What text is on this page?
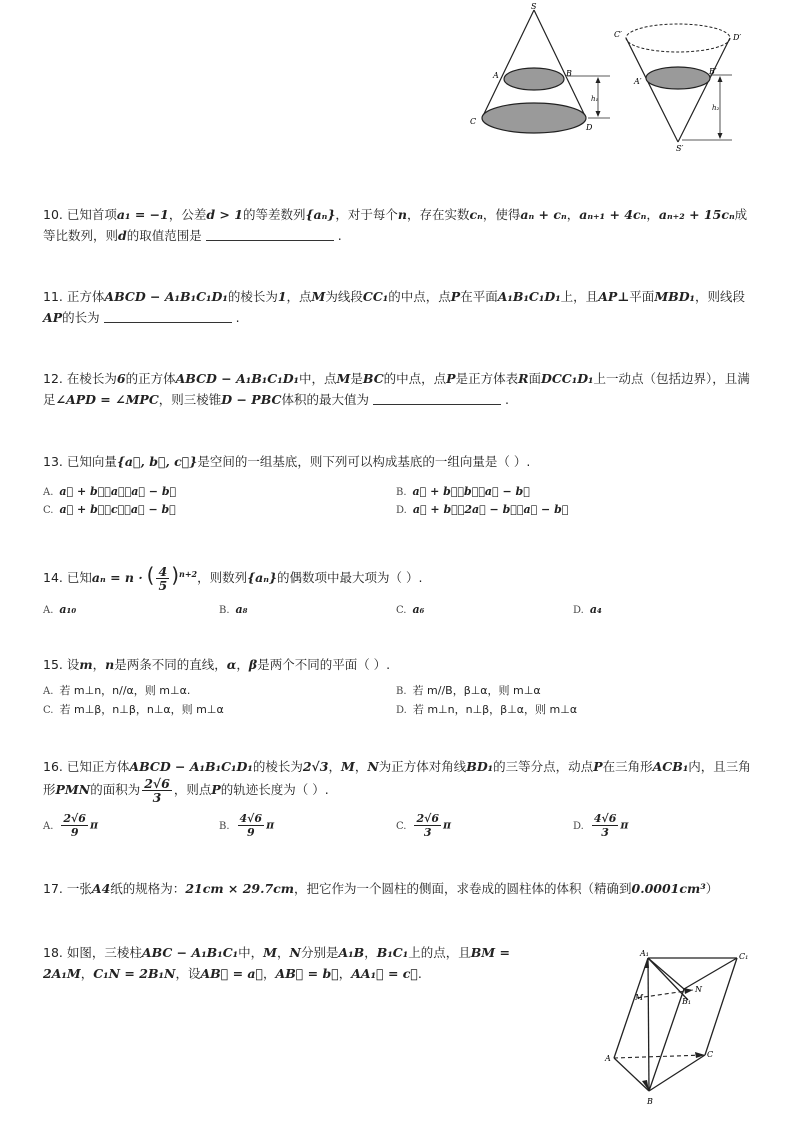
S
A	B
C
D
h₁
C′	D′
A′
B′
S′
h₂
10. 已知首项a₁ = −1，公差d > 1的等差数列{aₙ}，对于每个n，存在实数cₙ，使得aₙ + cₙ，aₙ₊₁ + 4cₙ，aₙ₊₂ + 15cₙ成等比数列，则d的取值范围是	.
11. 正方体ABCD − A₁B₁C₁D₁的棱长为1，点M为线段CC₁的中点，点P在平面A₁B₁C₁D₁上，且AP⊥平面MBD₁，则线段AP的长为	.
12. 在棱长为6的正方体ABCD − A₁B₁C₁D₁中，点M是BC的中点，点P是正方体表R面DCC₁D₁上一动点（包括边界），且满足∠APD = ∠MPC，则三棱锥D − PBC体积的最大值为	.
13. 已知向量{a⃗, b⃗, c⃗}是空间的一组基底，则下列可以构成基底的一组向量是（ ）.
A. a⃗ + b⃗，a⃗，a⃗ − b⃗	B. a⃗ + b⃗，b⃗，a⃗ − b⃗
C. a⃗ + b⃗，c⃗，a⃗ − b⃗	D. a⃗ + b⃗，2a⃗ − b⃗，a⃗ − b⃗
14. 已知aₙ = n · ( $\frac{4}{5} )^{n+2}$，则数列{aₙ}的偶数项中最大项为（ ）.
A. a₁₀	B. a₈	C. a₆	D. a₄
15. 设m，n是两条不同的直线，α，β是两个不同的平面（ ）.
A. 若 m⊥n，n//α，则 m⊥α.	B. 若 m//B，β⊥α，则 m⊥α
C. 若 m⊥β，n⊥β，n⊥α，则 m⊥α	D. 若 m⊥n，n⊥β，β⊥α，则 m⊥α
16. 已知正方体ABCD − A₁B₁C₁D₁的棱长为2√3，M，N为正方体对角线BD₁的三等分点，动点P在三角形ACB₁内，且三角形PMN的面积为 $\frac{2√6}{3}$ ，则点P的轨迹长度为（ ）.
A. $\frac{2√6}{9}$ π	B. $\frac{4√6}{9}$ π	C. $\frac{2√6}{3}$ π	D. $\frac{4√6}{3}$ π
17. 一张A4纸的规格为：21cm × 29.7cm，把它作为一个圆柱的侧面，求卷成的圆柱体的体积（精确到0.0001cm³）
18. 如图，三棱柱ABC − A₁B₁C₁中，M，N分别是A₁B，B₁C₁上的点，且BM = 2A₁M，C₁N = 2B₁N，设AB⃗ = a⃗，AB⃗ = b⃗，AA₁⃗ = c⃗.
A₁	C₁
M
N
B₁
A	C
B
